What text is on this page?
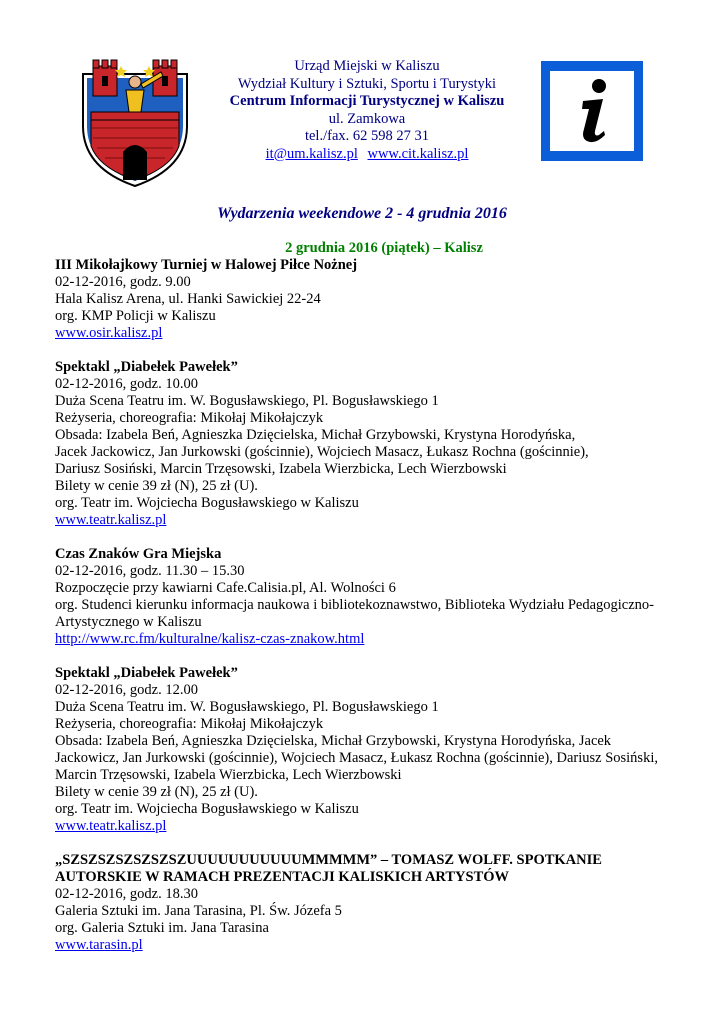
Urząd Miejski w Kaliszu
Wydział Kultury i Sztuki, Sportu i Turystyki
Centrum Informacji Turystycznej w Kaliszu
ul. Zamkowa
tel./fax. 62 598 27 31
it@um.kalisz.pl www.cit.kalisz.pl
Wydarzenia weekendowe 2 - 4 grudnia 2016
2 grudnia 2016 (piątek) – Kalisz
III Mikołajkowy Turniej w Halowej Piłce Nożnej
02-12-2016, godz. 9.00
Hala Kalisz Arena, ul. Hanki Sawickiej 22-24
org. KMP Policji w Kaliszu
www.osir.kalisz.pl
Spektakl „Diabełek Pawełek”
02-12-2016, godz. 10.00
Duża Scena Teatru im. W. Bogusławskiego, Pl. Bogusławskiego 1
Reżyseria, choreografia: Mikołaj Mikołajczyk
Obsada: Izabela Beń, Agnieszka Dzięcielska, Michał Grzybowski, Krystyna Horodyńska,
Jacek Jackowicz, Jan Jurkowski (gościnnie), Wojciech Masacz, Łukasz Rochna (gościnnie),
Dariusz Sosiński, Marcin Trzęsowski, Izabela Wierzbicka, Lech Wierzbowski
Bilety w cenie 39 zł (N), 25 zł (U).
org. Teatr im. Wojciecha Bogusławskiego w Kaliszu
www.teatr.kalisz.pl
Czas Znaków Gra Miejska
02-12-2016, godz. 11.30 – 15.30
Rozpoczęcie przy kawiarni Cafe.Calisia.pl, Al. Wolności 6
org. Studenci kierunku informacja naukowa i bibliotekoznawstwo, Biblioteka Wydziału Pedagogiczno-
Artystycznego w Kaliszu
http://www.rc.fm/kulturalne/kalisz-czas-znakow.html
Spektakl „Diabełek Pawełek”
02-12-2016, godz. 12.00
Duża Scena Teatru im. W. Bogusławskiego, Pl. Bogusławskiego 1
Reżyseria, choreografia: Mikołaj Mikołajczyk
Obsada: Izabela Beń, Agnieszka Dzięcielska, Michał Grzybowski, Krystyna Horodyńska, Jacek
Jackowicz, Jan Jurkowski (gościnnie), Wojciech Masacz, Łukasz Rochna (gościnnie), Dariusz Sosiński,
Marcin Trzęsowski, Izabela Wierzbicka, Lech Wierzbowski
Bilety w cenie 39 zł (N), 25 zł (U).
org. Teatr im. Wojciecha Bogusławskiego w Kaliszu
www.teatr.kalisz.pl
„SZSZSZSZSZSZSZUUUUUUUUUUUMMMMM” – TOMASZ WOLFF. SPOTKANIE AUTORSKIE W RAMACH PREZENTACJI KALISKICH ARTYSTÓW
02-12-2016, godz. 18.30
Galeria Sztuki im. Jana Tarasina, Pl. Św. Józefa 5
org. Galeria Sztuki im. Jana Tarasina
www.tarasin.pl
